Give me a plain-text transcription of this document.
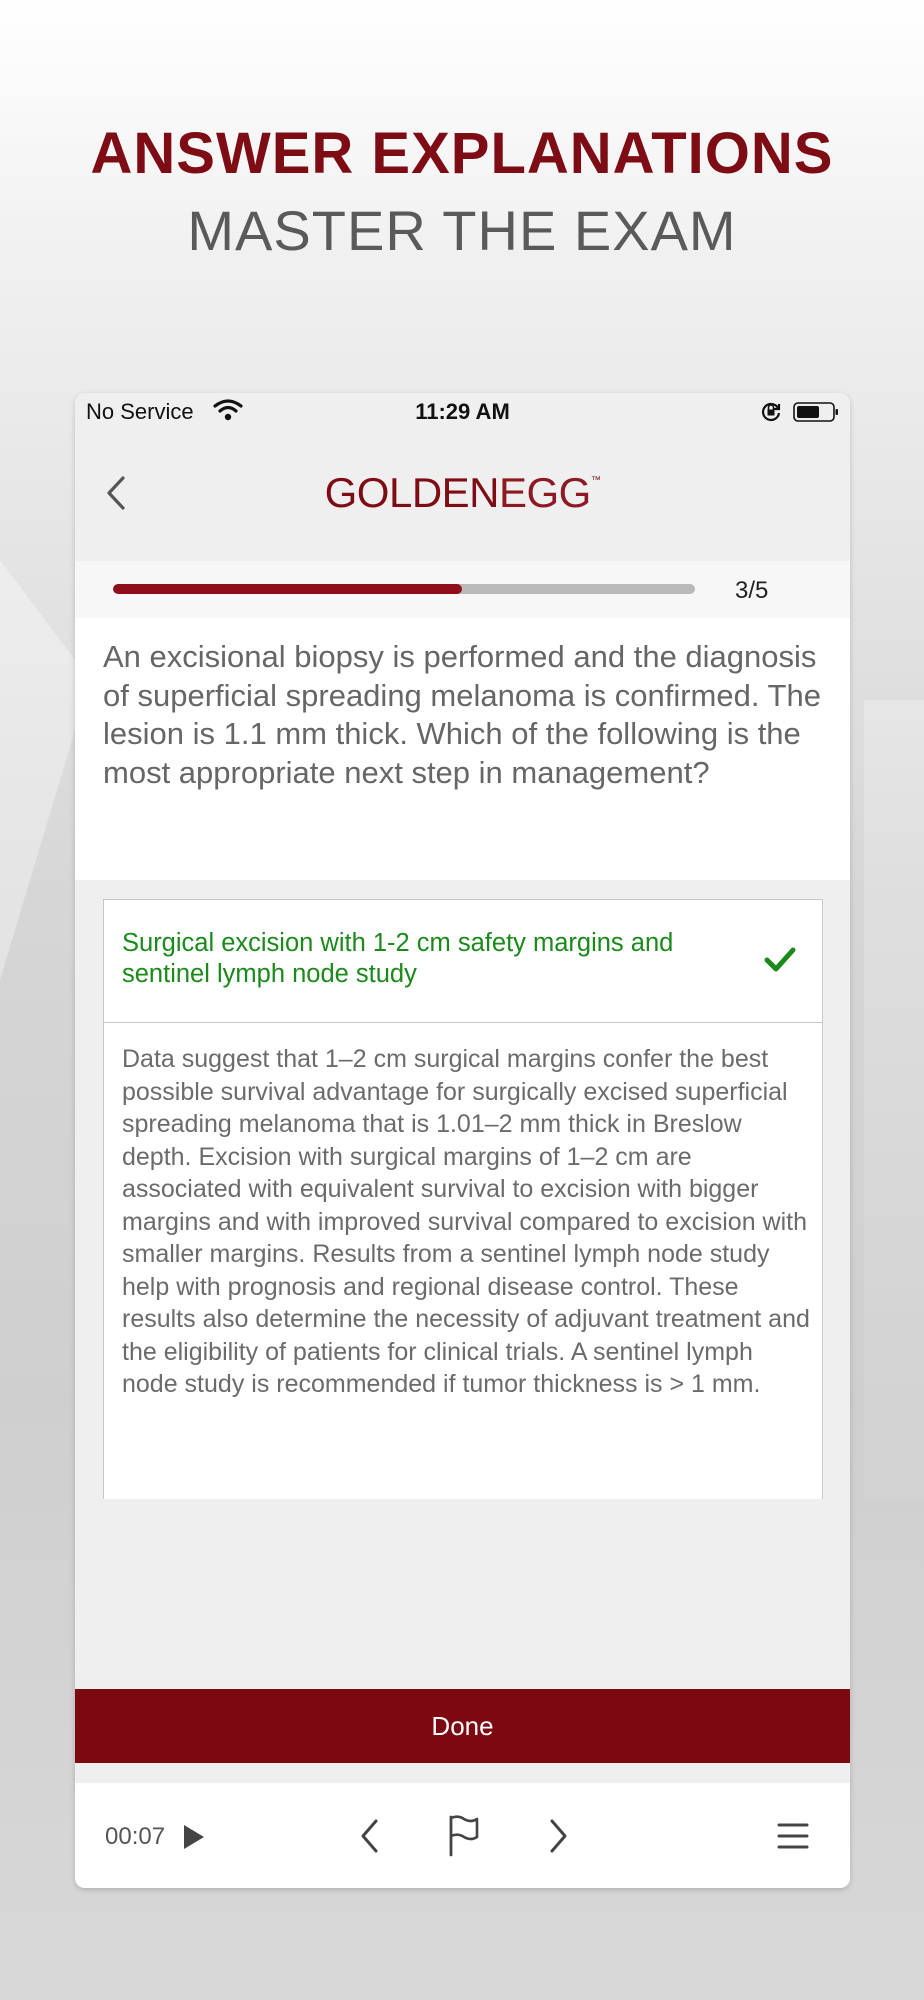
ANSWER EXPLANATIONS
MASTER THE EXAM
No Service	11:29 AM
GOLDENEGG™
3/5
An excisional biopsy is performed and the diagnosis of superficial spreading melanoma is confirmed. The lesion is 1.1 mm thick. Which of the following is the most appropriate next step in management?
Surgical excision with 1-2 cm safety margins and sentinel lymph node study
Data suggest that 1–2 cm surgical margins confer the best possible survival advantage for surgically excised superficial spreading melanoma that is 1.01–2 mm thick in Breslow depth. Excision with surgical margins of 1–2 cm are associated with equivalent survival to excision with bigger margins and with improved survival compared to excision with smaller margins. Results from a sentinel lymph node study help with prognosis and regional disease control. These results also determine the necessity of adjuvant treatment and the eligibility of patients for clinical trials. A sentinel lymph node study is recommended if tumor thickness is > 1 mm.
Done
00:07
